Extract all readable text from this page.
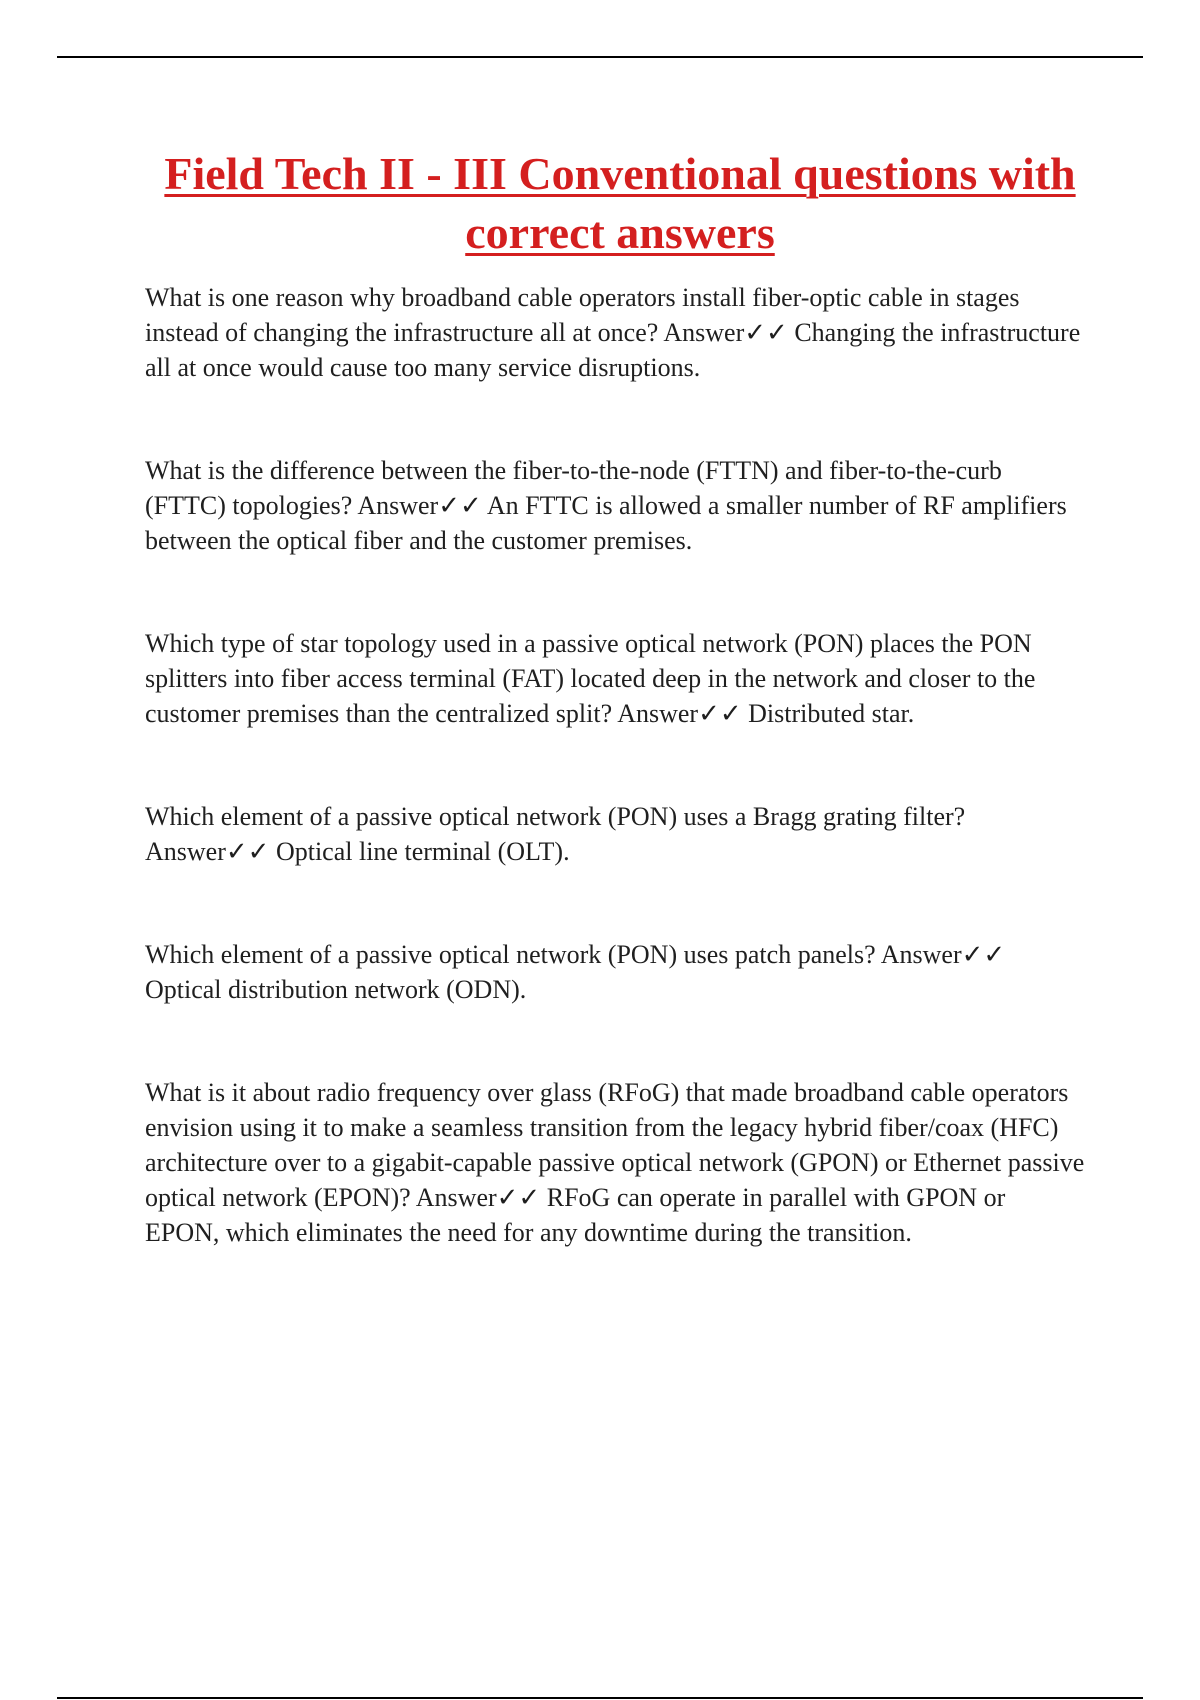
Field Tech II - III Conventional questions with correct answers

What is one reason why broadband cable operators install fiber-optic cable in stages instead of changing the infrastructure all at once? Answer✓✓ Changing the infrastructure all at once would cause too many service disruptions.

What is the difference between the fiber-to-the-node (FTTN) and fiber-to-the-curb (FTTC) topologies? Answer✓✓ An FTTC is allowed a smaller number of RF amplifiers between the optical fiber and the customer premises.

Which type of star topology used in a passive optical network (PON) places the PON splitters into fiber access terminal (FAT) located deep in the network and closer to the customer premises than the centralized split? Answer✓✓ Distributed star.

Which element of a passive optical network (PON) uses a Bragg grating filter? Answer✓✓ Optical line terminal (OLT).

Which element of a passive optical network (PON) uses patch panels? Answer✓✓ Optical distribution network (ODN).

What is it about radio frequency over glass (RFoG) that made broadband cable operators envision using it to make a seamless transition from the legacy hybrid fiber/coax (HFC) architecture over to a gigabit-capable passive optical network (GPON) or Ethernet passive optical network (EPON)? Answer✓✓ RFoG can operate in parallel with GPON or EPON, which eliminates the need for any downtime during the transition.
